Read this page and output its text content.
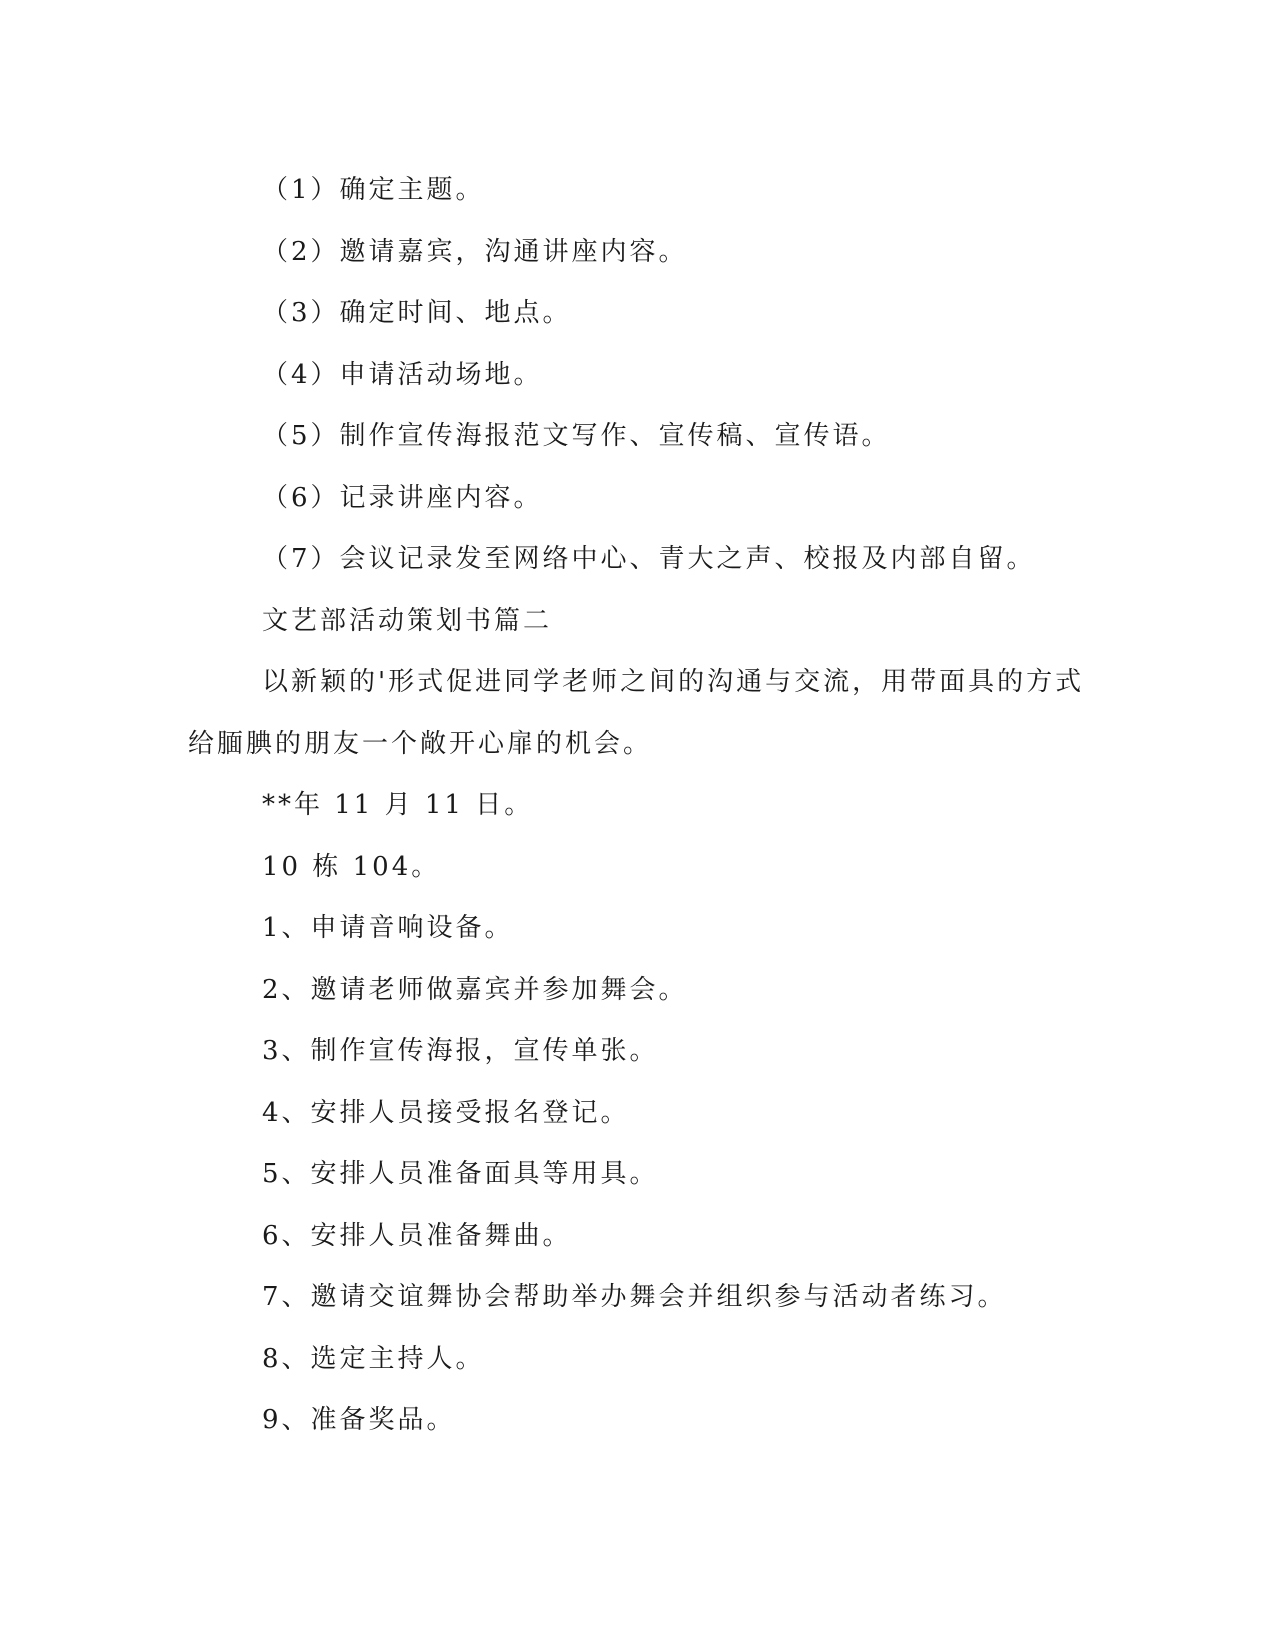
（1）确定主题。
（2）邀请嘉宾，沟通讲座内容。
（3）确定时间、地点。
（4）申请活动场地。
（5）制作宣传海报范文写作、宣传稿、宣传语。
（6）记录讲座内容。
（7）会议记录发至网络中心、青大之声、校报及内部自留。
文艺部活动策划书篇二
以新颖的'形式促进同学老师之间的沟通与交流，用带面具的方式
给腼腆的朋友一个敞开心扉的机会。
**年 11 月 11 日。
10 栋 104。
1、申请音响设备。
2、邀请老师做嘉宾并参加舞会。
3、制作宣传海报，宣传单张。
4、安排人员接受报名登记。
5、安排人员准备面具等用具。
6、安排人员准备舞曲。
7、邀请交谊舞协会帮助举办舞会并组织参与活动者练习。
8、选定主持人。
9、准备奖品。
